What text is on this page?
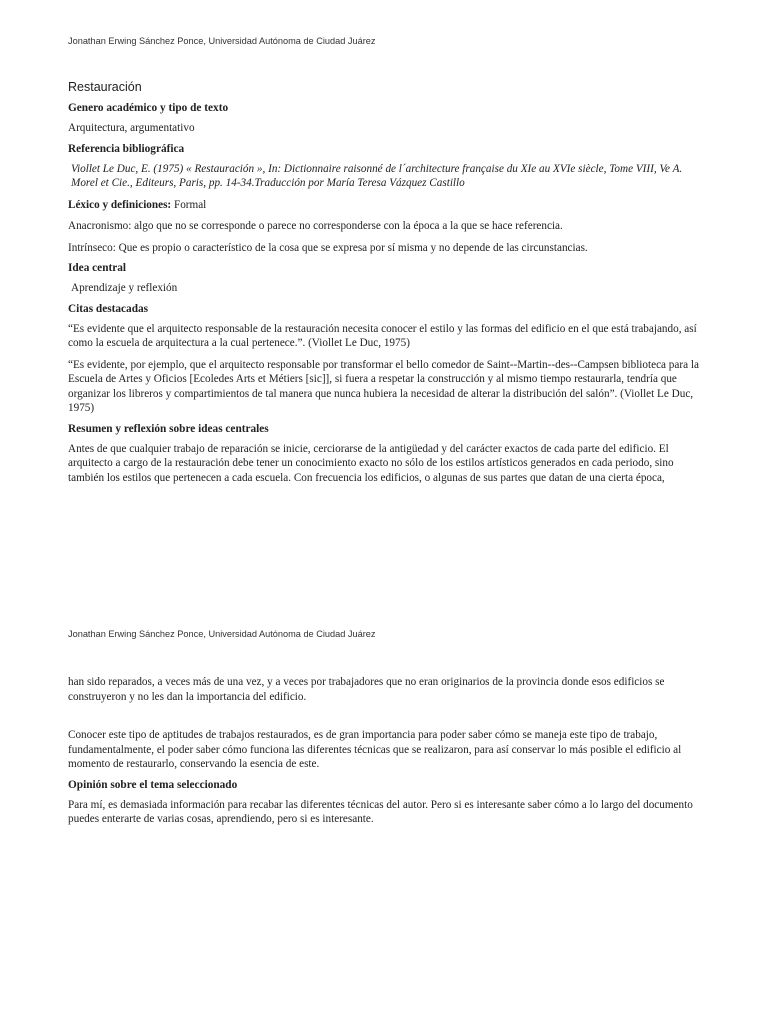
Jonathan Erwing Sánchez Ponce, Universidad Autónoma de Ciudad Juárez
Restauración
Genero académico y tipo de texto
Arquitectura, argumentativo
Referencia bibliográfica
Viollet Le Duc, E. (1975) « Restauración », In: Dictionnaire raisonné de l´architecture française du XIe au XVIe siècle, Tome VIII, Ve A. Morel et Cie., Editeurs, Paris, pp. 14-34.Traducción por María Teresa Vázquez Castillo
Léxico y definiciones: Formal
Anacronismo: algo que no se corresponde o parece no corresponderse con la época a la que se hace referencia.
Intrínseco: Que es propio o característico de la cosa que se expresa por sí misma y no depende de las circunstancias.
Idea central
Aprendizaje y reflexión
Citas destacadas
“Es evidente que el arquitecto responsable de la restauración necesita conocer el estilo y las formas del edificio en el que está trabajando, así como la escuela de arquitectura a la cual pertenece.”. (Viollet Le Duc, 1975)
“Es evidente, por ejemplo, que el arquitecto responsable por transformar el bello comedor de Saint--Martin--des--Campsen biblioteca para la Escuela de Artes y Oficios [Ecoledes Arts et Métiers [sic]], si fuera a respetar la construcción y al mismo tiempo restaurarla, tendría que organizar los libreros y compartimientos de tal manera que nunca hubiera la necesidad de alterar la distribución del salón”. (Viollet Le Duc, 1975)
Resumen y reflexión sobre ideas centrales
Antes de que cualquier trabajo de reparación se inicie, cerciorarse de la antigüedad y del carácter exactos de cada parte del edificio. El arquitecto a cargo de la restauración debe tener un conocimiento exacto no sólo de los estilos artísticos generados en cada periodo, sino también los estilos que pertenecen a cada escuela. Con frecuencia los edificios, o algunas de sus partes que datan de una cierta época,
Jonathan Erwing Sánchez Ponce, Universidad Autónoma de Ciudad Juárez
han sido reparados, a veces más de una vez, y a veces por trabajadores que no eran originarios de la provincia donde esos edificios se construyeron y no les dan la importancia del edificio.
Conocer este tipo de aptitudes de trabajos restaurados, es de gran importancia para poder saber cómo se maneja este tipo de trabajo, fundamentalmente, el poder saber cómo funciona las diferentes técnicas que se realizaron, para así conservar lo más posible el edificio al momento de restaurarlo, conservando la esencia de este.
Opinión sobre el tema seleccionado
Para mí, es demasiada información para recabar las diferentes técnicas del autor. Pero si es interesante saber cómo a lo largo del documento puedes enterarte de varias cosas, aprendiendo, pero si es interesante.
